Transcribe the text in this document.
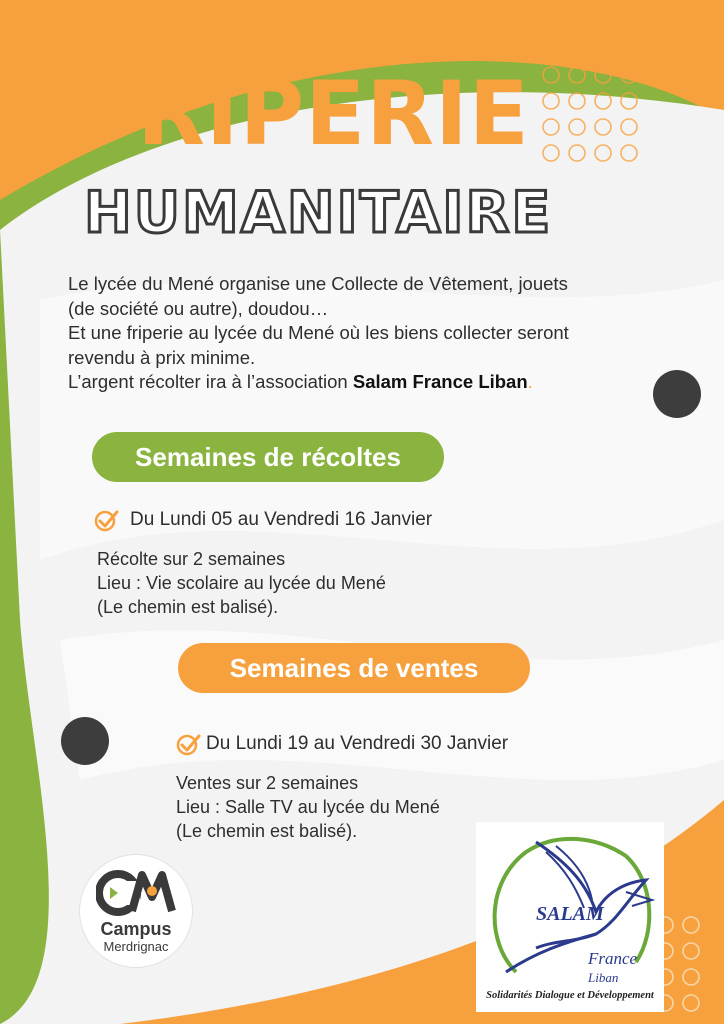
FRIPERIE
HUMANITAIRE

Le lycée du Mené organise une Collecte de Vêtement, jouets

(de société ou autre), doudou…

Et une friperie au lycée du Mené où les biens collecter seront

revendu à prix minime.

L’argent récolter ira à l’association Salam France Liban.

Semaines de récoltes
Du Lundi 05 au Vendredi 16 Janvier

Récolte sur 2 semaines

Lieu : Vie scolaire au lycée du Mené

(Le chemin est balisé).

Semaines de ventes
Du Lundi 19 au Vendredi 30 Janvier

Ventes sur 2 semaines

Lieu : Salle TV au lycée du Mené

(Le chemin est balisé).

Campus
Merdrignac
SALAM
France
Liban
Solidarités Dialogue et Développement
